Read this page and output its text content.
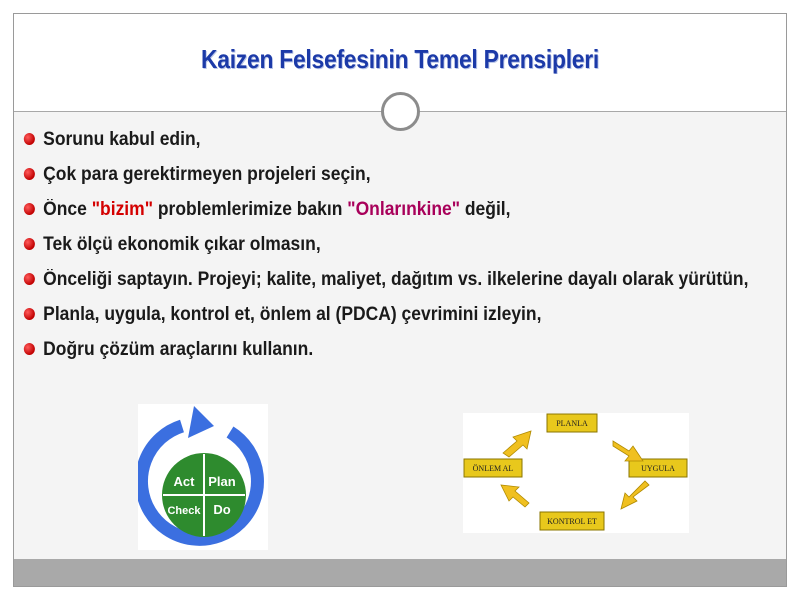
Kaizen Felsefesinin Temel Prensipleri
Sorunu kabul edin,
Çok para gerektirmeyen projeleri seçin,
Önce "bizim" problemlerimize bakın "Onlarınkine" değil,
Tek ölçü ekonomik çıkar olmasın,
Önceliği saptayın. Projeyi; kalite, maliyet, dağıtım vs. ilkelerine dayalı olarak yürütün,
Planla, uygula, kontrol et, önlem al (PDCA) çevrimini izleyin,
Doğru çözüm araçlarını kullanın.
Act Plan
Check Do
PLANLA
UYGULA
KONTROL ET
ÖNLEM AL
